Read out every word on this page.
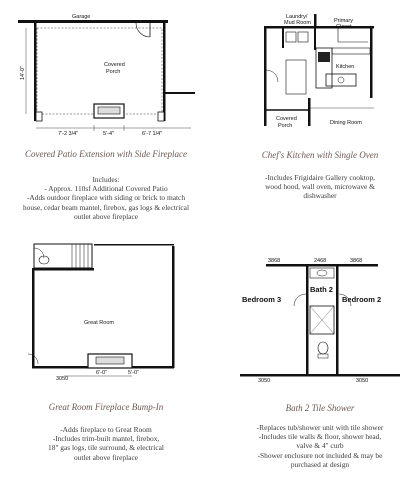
Garage
Covered
Porch
14'-0"
7'-2 3/4"	5'-4"	6'-7 1/4"
Covered Patio Extension with Side Fireplace
Includes:
- Approx. 110sf Additional Covered Patio
-Adds outdoor fireplace with siding or brick to match
house, cedar beam mantel, firebox, gas logs & electrical
outlet above fireplace
Laundry/
Mud Room	Primary
Closet
Kitchen
Covered
Porch	Dining Room
Chef's Kitchen with Single Oven
-Includes Frigidaire Gallery cooktop,
wood hood, wall oven, microwave &
dishwasher
Great Room
6'-0"	5'-0"
3050
Great Room Fireplace Bump-In
-Adds fireplace to Great Room
-Includes trim-built mantel, firebox,
18" gas logs, tile surround, & electrical
outlet above fireplace
3868	2468	3868
Bedroom 3	Bedroom 2
Bath 2
3050	3050
Bath 2 Tile Shower
-Replaces tub/shower unit with tile shower
-Includes tile walls & floor, shower head,
valve & 4" curb
-Shower enclosure not included & may be
purchased at design
